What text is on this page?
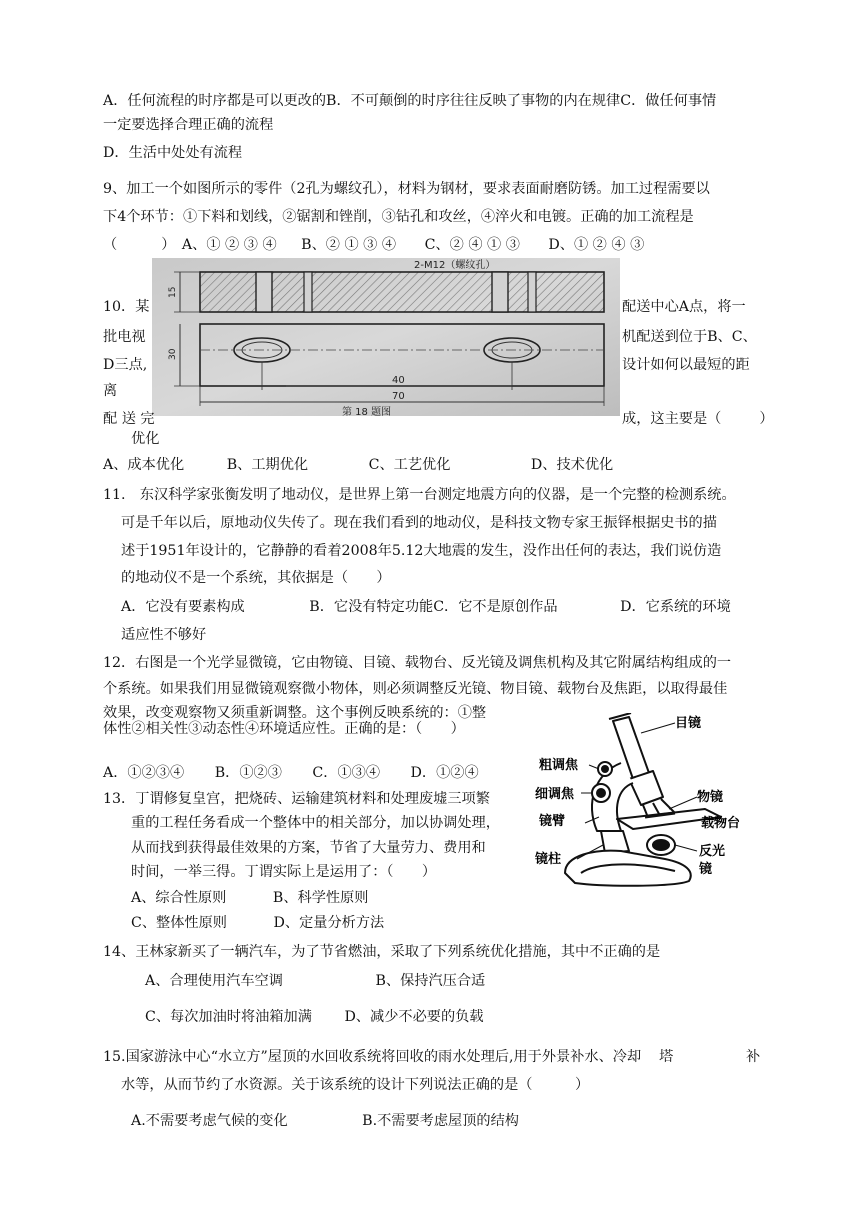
A．任何流程的时序都是可以更改的B．不可颠倒的时序往往反映了事物的内在规律C．做任何事情
一定要选择合理正确的流程
D．生活中处处有流程
9、加工一个如图所示的零件（2孔为螺纹孔），材料为钢材，要求表面耐磨防锈。加工过程需要以
下4个环节：①下料和划线，②锯割和锉削，③钻孔和攻丝，④淬火和电镀。正确的加工流程是
（	） A、① ② ③ ④ B、② ① ③ ④ C、② ④ ① ③ D、① ② ④ ③
15
30
2-M12（螺纹孔）
40
70
第 18 题图
10．某
批电视
D三点,
离
配 送 完
优化
配送中心A点，将一
机配送到位于B、C、
设计如何以最短的距
成，这主要是（	）
A、成本优化	B、工期优化	C、工艺优化	D、技术优化
11.　东汉科学家张衡发明了地动仪，是世界上第一台测定地震方向的仪器，是一个完整的检测系统。
可是千年以后，原地动仪失传了。现在我们看到的地动仪，是科技文物专家王振铎根据史书的描
述于1951年设计的，它静静的看着2008年5.12大地震的发生，没作出任何的表达，我们说仿造
的地动仪不是一个系统，其依据是（　　）
A．它没有要素构成	B．它没有特定功能C．它不是原创作品	D．它系统的环境
适应性不够好
12．右图是一个光学显微镜，它由物镜、目镜、载物台、反光镜及调焦机构及其它附属结构组成的一
个系统。如果我们用显微镜观察微小物体，则必须调整反光镜、物目镜、载物台及焦距，以取得最佳
效果，改变观察物又须重新调整。这个事例反映系统的：①整
体性②相关性③动态性④环境适应性。正确的是：（　　）
A．①②③④ B．①②③ C．①③④ D．①②④
目镜
粗调焦
细调焦	物镜
镜臂	载物台
镜柱
反光
镜
13．丁谓修复皇宫，把烧砖、运输建筑材料和处理废墟三项繁
重的工程任务看成一个整体中的相关部分，加以协调处理，
从而找到获得最佳效果的方案，节省了大量劳力、费用和
时间，一举三得。丁谓实际上是运用了：（　　）
A、综合性原则	B、科学性原则
C、整体性原则	D、定量分析方法
14、王林家新买了一辆汽车，为了节省燃油，采取了下列系统优化措施，其中不正确的是
A、合理使用汽车空调	B、保持汽压合适
C、每次加油时将油箱加满 D、减少不必要的负载
15.国家游泳中心“水立方”屋顶的水回收系统将回收的雨水处理后,用于外景补水、冷却 塔	补
水等，从而节约了水资源。关于该系统的设计下列说法正确的是（　　　）
A.不需要考虑气候的变化	B.不需要考虑屋顶的结构
